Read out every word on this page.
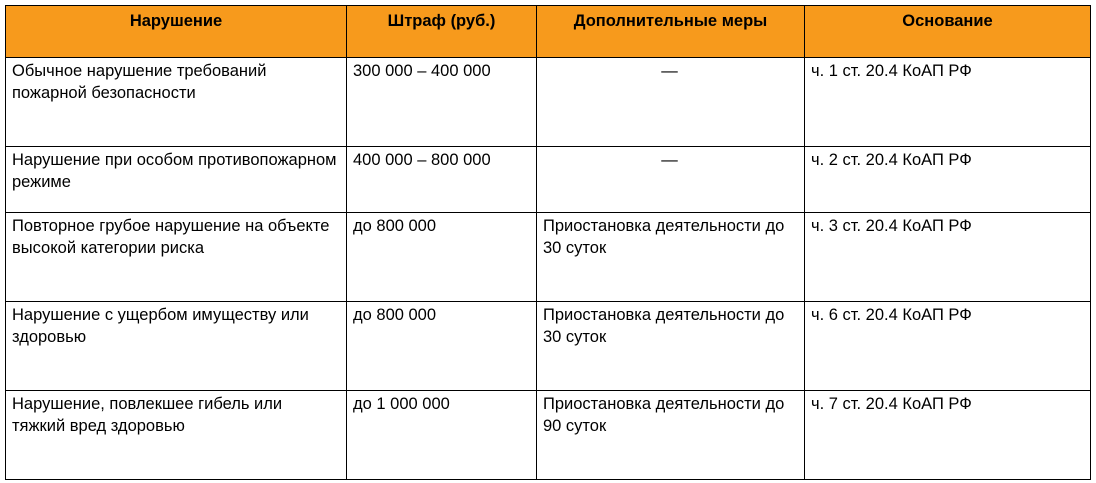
Нарушение	Штраф (руб.)	Дополнительные меры	Основание
Обычное нарушение требований пожарной безопасности	300 000 – 400 000	—	ч. 1 ст. 20.4 КоАП РФ
Нарушение при особом противопожарном режиме	400 000 – 800 000	—	ч. 2 ст. 20.4 КоАП РФ
Повторное грубое нарушение на объекте высокой категории риска	до 800 000	Приостановка деятельности до 30 суток	ч. 3 ст. 20.4 КоАП РФ
Нарушение с ущербом имуществу или здоровью	до 800 000	Приостановка деятельности до 30 суток	ч. 6 ст. 20.4 КоАП РФ
Нарушение, повлекшее гибель или тяжкий вред здоровью	до 1 000 000	Приостановка деятельности до 90 суток	ч. 7 ст. 20.4 КоАП РФ
